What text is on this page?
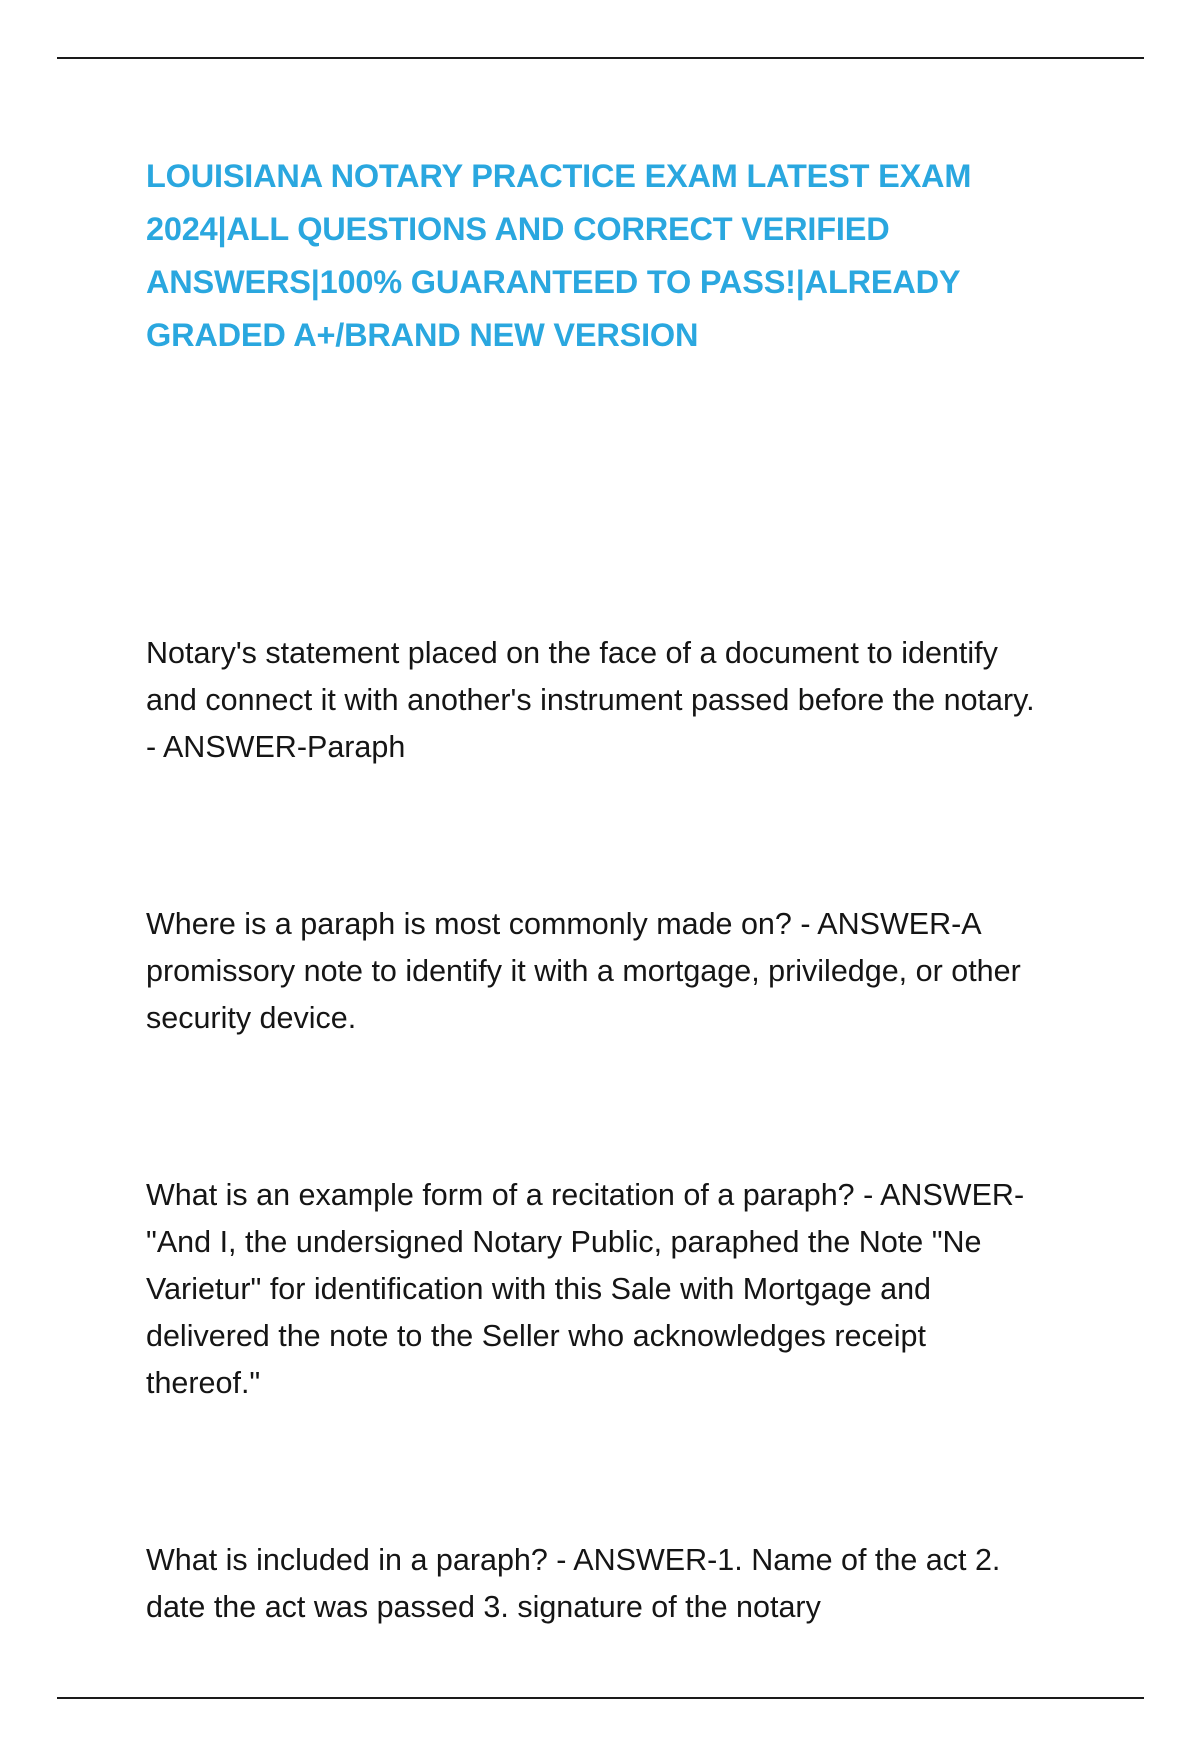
LOUISIANA NOTARY PRACTICE EXAM LATEST EXAM 2024|ALL QUESTIONS AND CORRECT VERIFIED ANSWERS|100% GUARANTEED TO PASS!|ALREADY GRADED A+/BRAND NEW VERSION
Notary's statement placed on the face of a document to identify and connect it with another's instrument passed before the notary. - ANSWER-Paraph
Where is a paraph is most commonly made on? - ANSWER-A promissory note to identify it with a mortgage, priviledge, or other security device.
What is an example form of a recitation of a paraph? - ANSWER-"And I, the undersigned Notary Public, paraphed the Note "Ne Varietur" for identification with this Sale with Mortgage and delivered the note to the Seller who acknowledges receipt thereof."
What is included in a paraph? - ANSWER-1. Name of the act 2. date the act was passed 3. signature of the notary
